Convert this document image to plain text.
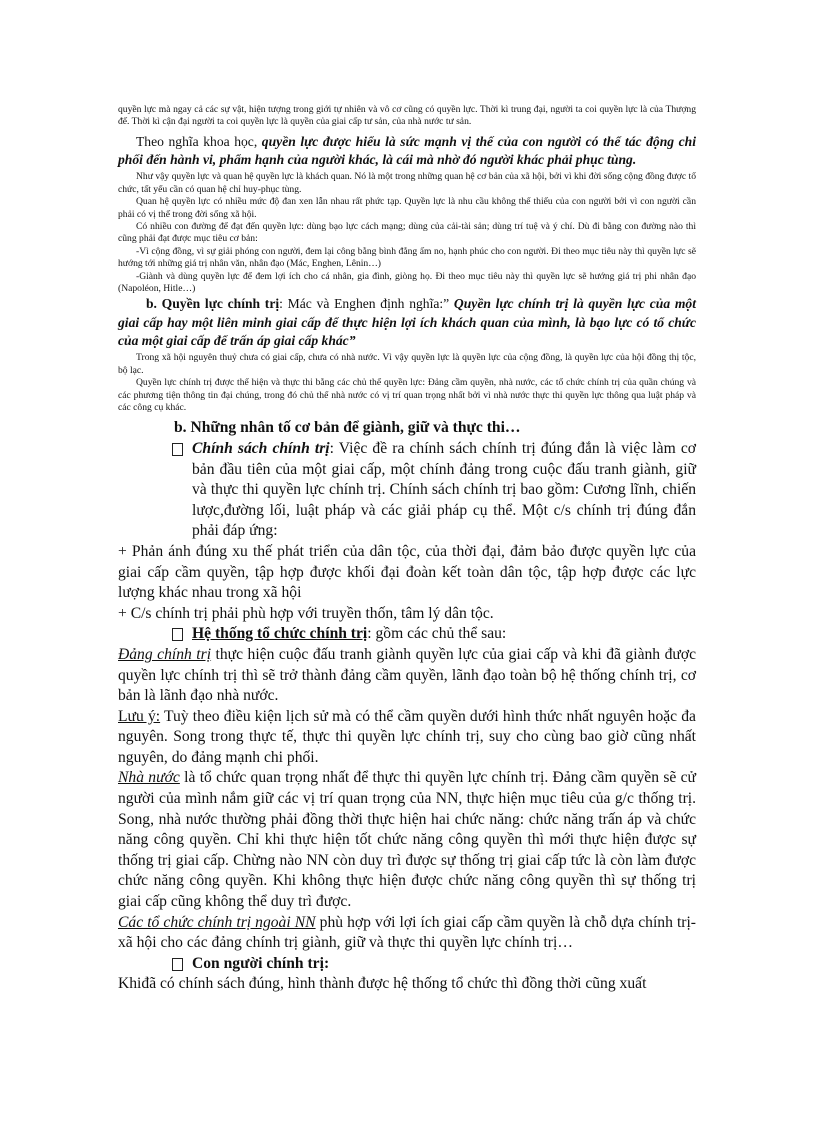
quyền lực mà ngay cả các sự vật, hiện tượng trong giới tự nhiên và vô cơ cũng có quyền lực. Thời kì trung đại, người ta coi quyền lực là của Thượng đế. Thời kì cận đại người ta coi quyền lực là quyền của giai cấp tư sản, của nhà nước tư sản.

Theo nghĩa khoa học, quyền lực được hiểu là sức mạnh vị thế của con người có thể tác động chi phối đến hành vi, phẩm hạnh của người khác, là cái mà nhờ đó người khác phải phục tùng.

Như vậy quyền lực và quan hệ quyền lực là khách quan. Nó là một trong những quan hệ cơ bản của xã hội, bởi vì khi đời sống cộng đồng được tổ chức, tất yếu cần có quan hệ chỉ huy-phục tùng.

Quan hệ quyền lực có nhiều mức độ đan xen lẫn nhau rất phức tạp. Quyền lực là nhu cầu không thể thiếu của con người bởi vì con người cần phải có vị thế trong đời sống xã hội.

Có nhiều con đường để đạt đến quyền lực: dùng bạo lực cách mạng; dùng của cải-tài sản; dùng trí tuệ và ý chí. Dù đi bằng con đường nào thì cũng phải đạt được mục tiêu cơ bản:

-Vì cộng đồng, vì sự giải phóng con người, đem lại công bằng bình đẳng ấm no, hạnh phúc cho con người. Đi theo mục tiêu này thì quyền lực sẽ hướng tới những giá trị nhân văn, nhân đạo (Mác, Enghen, Lênin…)

-Giành và dùng quyền lực để đem lợi ích cho cá nhân, gia đình, giòng họ. Đi theo mục tiêu này thì quyền lực sẽ hướng giá trị phi nhân đạo (Napoléon, Hitle…)

b. Quyền lực chính trị: Mác và Enghen định nghĩa:” Quyền lực chính trị là quyền lực của một giai cấp hay một liên minh giai cấp để thực hiện lợi ích khách quan của mình, là bạo lực có tổ chức của một giai cấp để trấn áp giai cấp khác”

Trong xã hội nguyên thuỷ chưa có giai cấp, chưa có nhà nước. Vì vậy quyền lực là quyền lực của cộng đồng, là quyền lực của hội đồng thị tộc, bộ lạc.

Quyền lực chính trị được thể hiện và thực thi bằng các chủ thể quyền lực: Đảng cầm quyền, nhà nước, các tổ chức chính trị của quần chúng và các phương tiện thông tin đại chúng, trong đó chủ thể nhà nước có vị trí quan trọng nhất bởi vì nhà nước thực thi quyền lực thông qua luật pháp và các công cụ khác.

b. Những nhân tố cơ bản để giành, giữ và thực thi…

Chính sách chính trị: Việc đề ra chính sách chính trị đúng đắn là việc làm cơ bản đầu tiên của một giai cấp, một chính đảng trong cuộc đấu tranh giành, giữ và thực thi quyền lực chính trị. Chính sách chính trị bao gồm: Cương lĩnh, chiến lược,đường lối, luật pháp và các giải pháp cụ thể. Một c/s chính trị đúng đắn phải đáp ứng:

+ Phản ánh đúng xu thế phát triển của dân tộc, của thời đại, đảm bảo được quyền lực của giai cấp cầm quyền, tập hợp được khối đại đoàn kết toàn dân tộc, tập hợp được các lực lượng khác nhau trong xã hội

+ C/s chính trị phải phù hợp với truyền thốn, tâm lý dân tộc.

Hệ thống tổ chức chính trị: gồm các chủ thể sau:

Đảng chính trị thực hiện cuộc đấu tranh giành quyền lực của giai cấp và khi đã giành được quyền lực chính trị thì sẽ trở thành đảng cầm quyền, lãnh đạo toàn bộ hệ thống chính trị, cơ bản là lãnh đạo nhà nước.

Lưu ý: Tuỳ theo điều kiện lịch sử mà có thể cầm quyền dưới hình thức nhất nguyên hoặc đa nguyên. Song trong thực tế, thực thi quyền lực chính trị, suy cho cùng bao giờ cũng nhất nguyên, do đảng mạnh chi phối.

Nhà nước là tổ chức quan trọng nhất để thực thi quyền lực chính trị. Đảng cầm quyền sẽ cử người của mình nắm giữ các vị trí quan trọng của NN, thực hiện mục tiêu của g/c thống trị. Song, nhà nước thường phải đồng thời thực hiện hai chức năng: chức năng trấn áp và chức năng công quyền. Chỉ khi thực hiện tốt chức năng công quyền thì mới thực hiện được sự thống trị giai cấp. Chừng nào NN còn duy trì được sự thống trị giai cấp tức là còn làm được chức năng công quyền. Khi không thực hiện được chức năng công quyền thì sự thống trị giai cấp cũng không thể duy trì được.

Các tổ chức chính trị ngoài NN phù hợp với lợi ích giai cấp cầm quyền là chỗ dựa chính trị-xã hội cho các đảng chính trị giành, giữ và thực thi quyền lực chính trị…

Con người chính trị:

Khiđã có chính sách đúng, hình thành được hệ thống tổ chức thì đồng thời cũng xuất
